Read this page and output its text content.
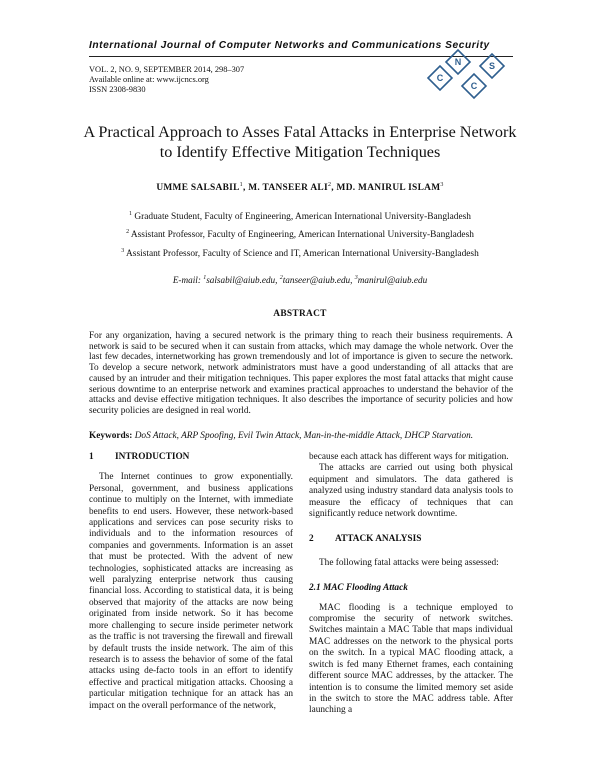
International Journal of Computer Networks and Communications Security
VOL. 2, NO. 9, SEPTEMBER 2014, 298–307
Available online at: www.ijcncs.org
ISSN 2308-9830
C
N
C
S
A Practical Approach to Asses Fatal Attacks in Enterprise Network
to Identify Effective Mitigation Techniques
UMME SALSABIL$^1$, M. TANSEER ALI$^2$, MD. MANIRUL ISLAM$^3$
$^1$ Graduate Student, Faculty of Engineering, American International University-Bangladesh
$^2$ Assistant Professor, Faculty of Engineering, American International University-Bangladesh
$^3$ Assistant Professor, Faculty of Science and IT, American International University-Bangladesh
E-mail: $^1$salsabil@aiub.edu, $^2$tanseer@aiub.edu, $^3$manirul@aiub.edu
ABSTRACT
For any organization, having a secured network is the primary thing to reach their business requirements. A network is said to be secured when it can sustain from attacks, which may damage the whole network. Over the last few decades, internetworking has grown tremendously and lot of importance is given to secure the network. To develop a secure network, network administrators must have a good understanding of all attacks that are caused by an intruder and their mitigation techniques. This paper explores the most fatal attacks that might cause serious downtime to an enterprise network and examines practical approaches to understand the behavior of the attacks and devise effective mitigation techniques. It also describes the importance of security policies and how security policies are designed in real world.
Keywords: DoS Attack, ARP Spoofing, Evil Twin Attack, Man-in-the-middle Attack, DHCP Starvation.
1 INTRODUCTION

The Internet continues to grow exponentially. Personal, government, and business applications continue to multiply on the Internet, with immediate benefits to end users. However, these network-based applications and services can pose security risks to individuals and to the information resources of companies and governments. Information is an asset that must be protected. With the advent of new technologies, sophisticated attacks are increasing as well paralyzing enterprise network thus causing financial loss. According to statistical data, it is being observed that majority of the attacks are now being originated from inside network. So it has become more challenging to secure inside perimeter network as the traffic is not traversing the firewall and firewall by default trusts the inside network. The aim of this research is to assess the behavior of some of the fatal attacks using de-facto tools in an effort to identify effective and practical mitigation attacks. Choosing a particular mitigation technique for an attack has an impact on the overall performance of the network,

because each attack has different ways for mitigation.

The attacks are carried out using both physical equipment and simulators. The data gathered is analyzed using industry standard data analysis tools to measure the efficacy of techniques that can significantly reduce network downtime.

2 ATTACK ANALYSIS

The following fatal attacks were being assessed:

2.1 MAC Flooding Attack

MAC flooding is a technique employed to compromise the security of network switches. Switches maintain a MAC Table that maps individual MAC addresses on the network to the physical ports on the switch. In a typical MAC flooding attack, a switch is fed many Ethernet frames, each containing different source MAC addresses, by the attacker. The intention is to consume the limited memory set aside in the switch to store the MAC address table. After launching a
